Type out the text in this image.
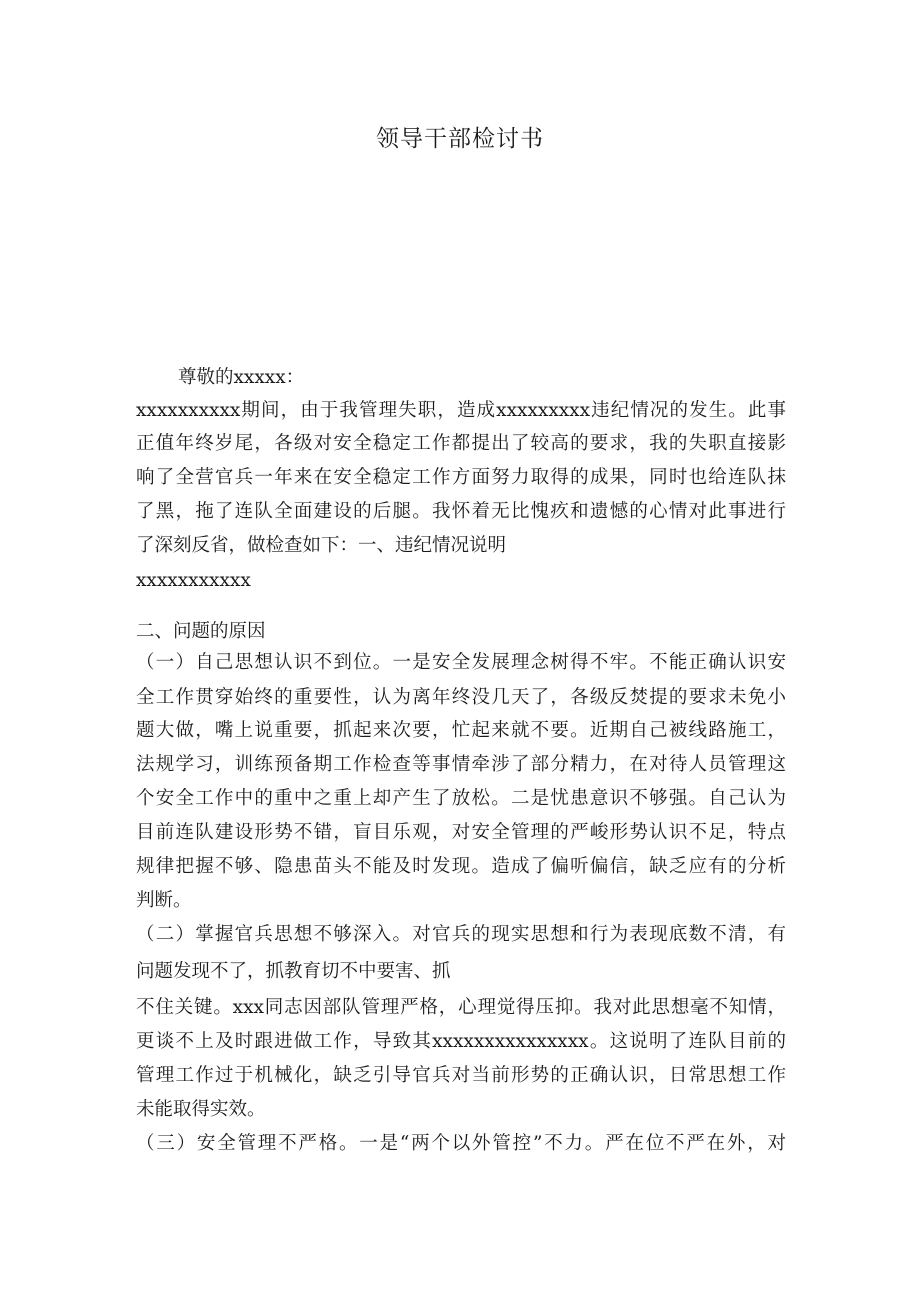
领导干部检讨书
尊敬的xxxxx：
xxxxxxxxxx期间，由于我管理失职，造成xxxxxxxxx违纪情况的发生。此事
正值年终岁尾，各级对安全稳定工作都提出了较高的要求，我的失职直接影
响了全营官兵一年来在安全稳定工作方面努力取得的成果，同时也给连队抹
了黑，拖了连队全面建设的后腿。我怀着无比愧疚和遗憾的心情对此事进行
了深刻反省，做检查如下：一、违纪情况说明
xxxxxxxxxxx
二、问题的原因
（一）自己思想认识不到位。一是安全发展理念树得不牢。不能正确认识安
全工作贯穿始终的重要性，认为离年终没几天了，各级反焚提的要求未免小
题大做，嘴上说重要，抓起来次要，忙起来就不要。近期自己被线路施工，
法规学习，训练预备期工作检查等事情牵涉了部分精力，在对待人员管理这
个安全工作中的重中之重上却产生了放松。二是忧患意识不够强。自己认为
目前连队建设形势不错，盲目乐观，对安全管理的严峻形势认识不足，特点
规律把握不够、隐患苗头不能及时发现。造成了偏听偏信，缺乏应有的分析
判断。
（二）掌握官兵思想不够深入。对官兵的现实思想和行为表现底数不清，有
问题发现不了，抓教育切不中要害、抓
不住关键。xxx同志因部队管理严格，心理觉得压抑。我对此思想毫不知情，
更谈不上及时跟进做工作，导致其xxxxxxxxxxxxxxx。这说明了连队目前的
管理工作过于机械化，缺乏引导官兵对当前形势的正确认识，日常思想工作
未能取得实效。
（三）安全管理不严格。一是“两个以外管控”不力。严在位不严在外，对
